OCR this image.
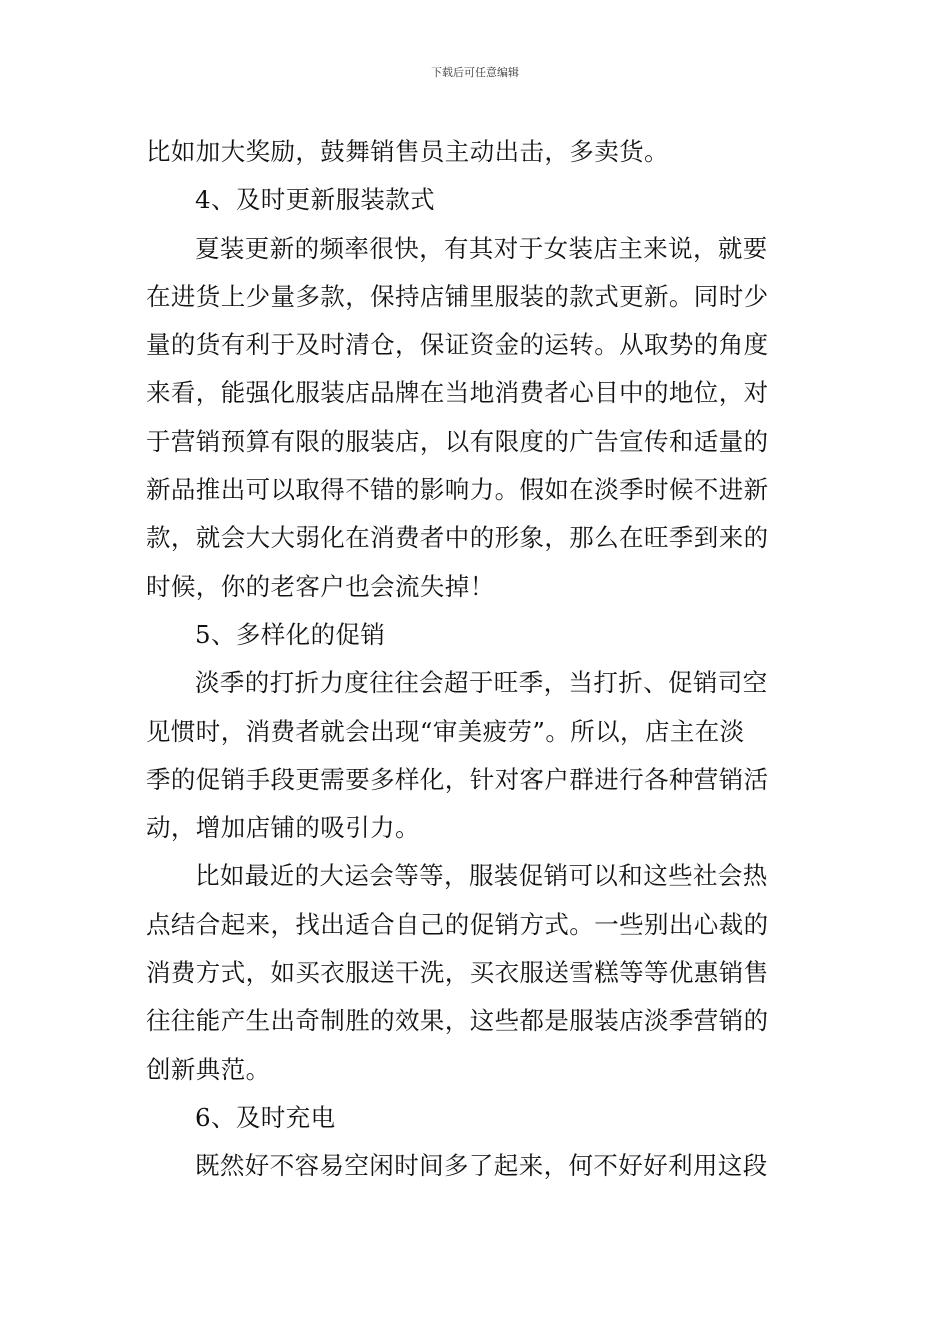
下载后可任意编辑
比如加大奖励，鼓舞销售员主动出击，多卖货。
4、及时更新服装款式
夏装更新的频率很快，有其对于女装店主来说，就要
在进货上少量多款，保持店铺里服装的款式更新。同时少
量的货有利于及时清仓，保证资金的运转。从取势的角度
来看，能强化服装店品牌在当地消费者心目中的地位，对
于营销预算有限的服装店，以有限度的广告宣传和适量的
新品推出可以取得不错的影响力。假如在淡季时候不进新
款，就会大大弱化在消费者中的形象，那么在旺季到来的
时候，你的老客户也会流失掉！
5、多样化的促销
淡季的打折力度往往会超于旺季，当打折、促销司空
见惯时，消费者就会出现“审美疲劳”。所以，店主在淡
季的促销手段更需要多样化，针对客户群进行各种营销活
动，增加店铺的吸引力。
比如最近的大运会等等，服装促销可以和这些社会热
点结合起来，找出适合自己的促销方式。一些别出心裁的
消费方式，如买衣服送干洗，买衣服送雪糕等等优惠销售
往往能产生出奇制胜的效果，这些都是服装店淡季营销的
创新典范。
6、及时充电
既然好不容易空闲时间多了起来，何不好好利用这段
